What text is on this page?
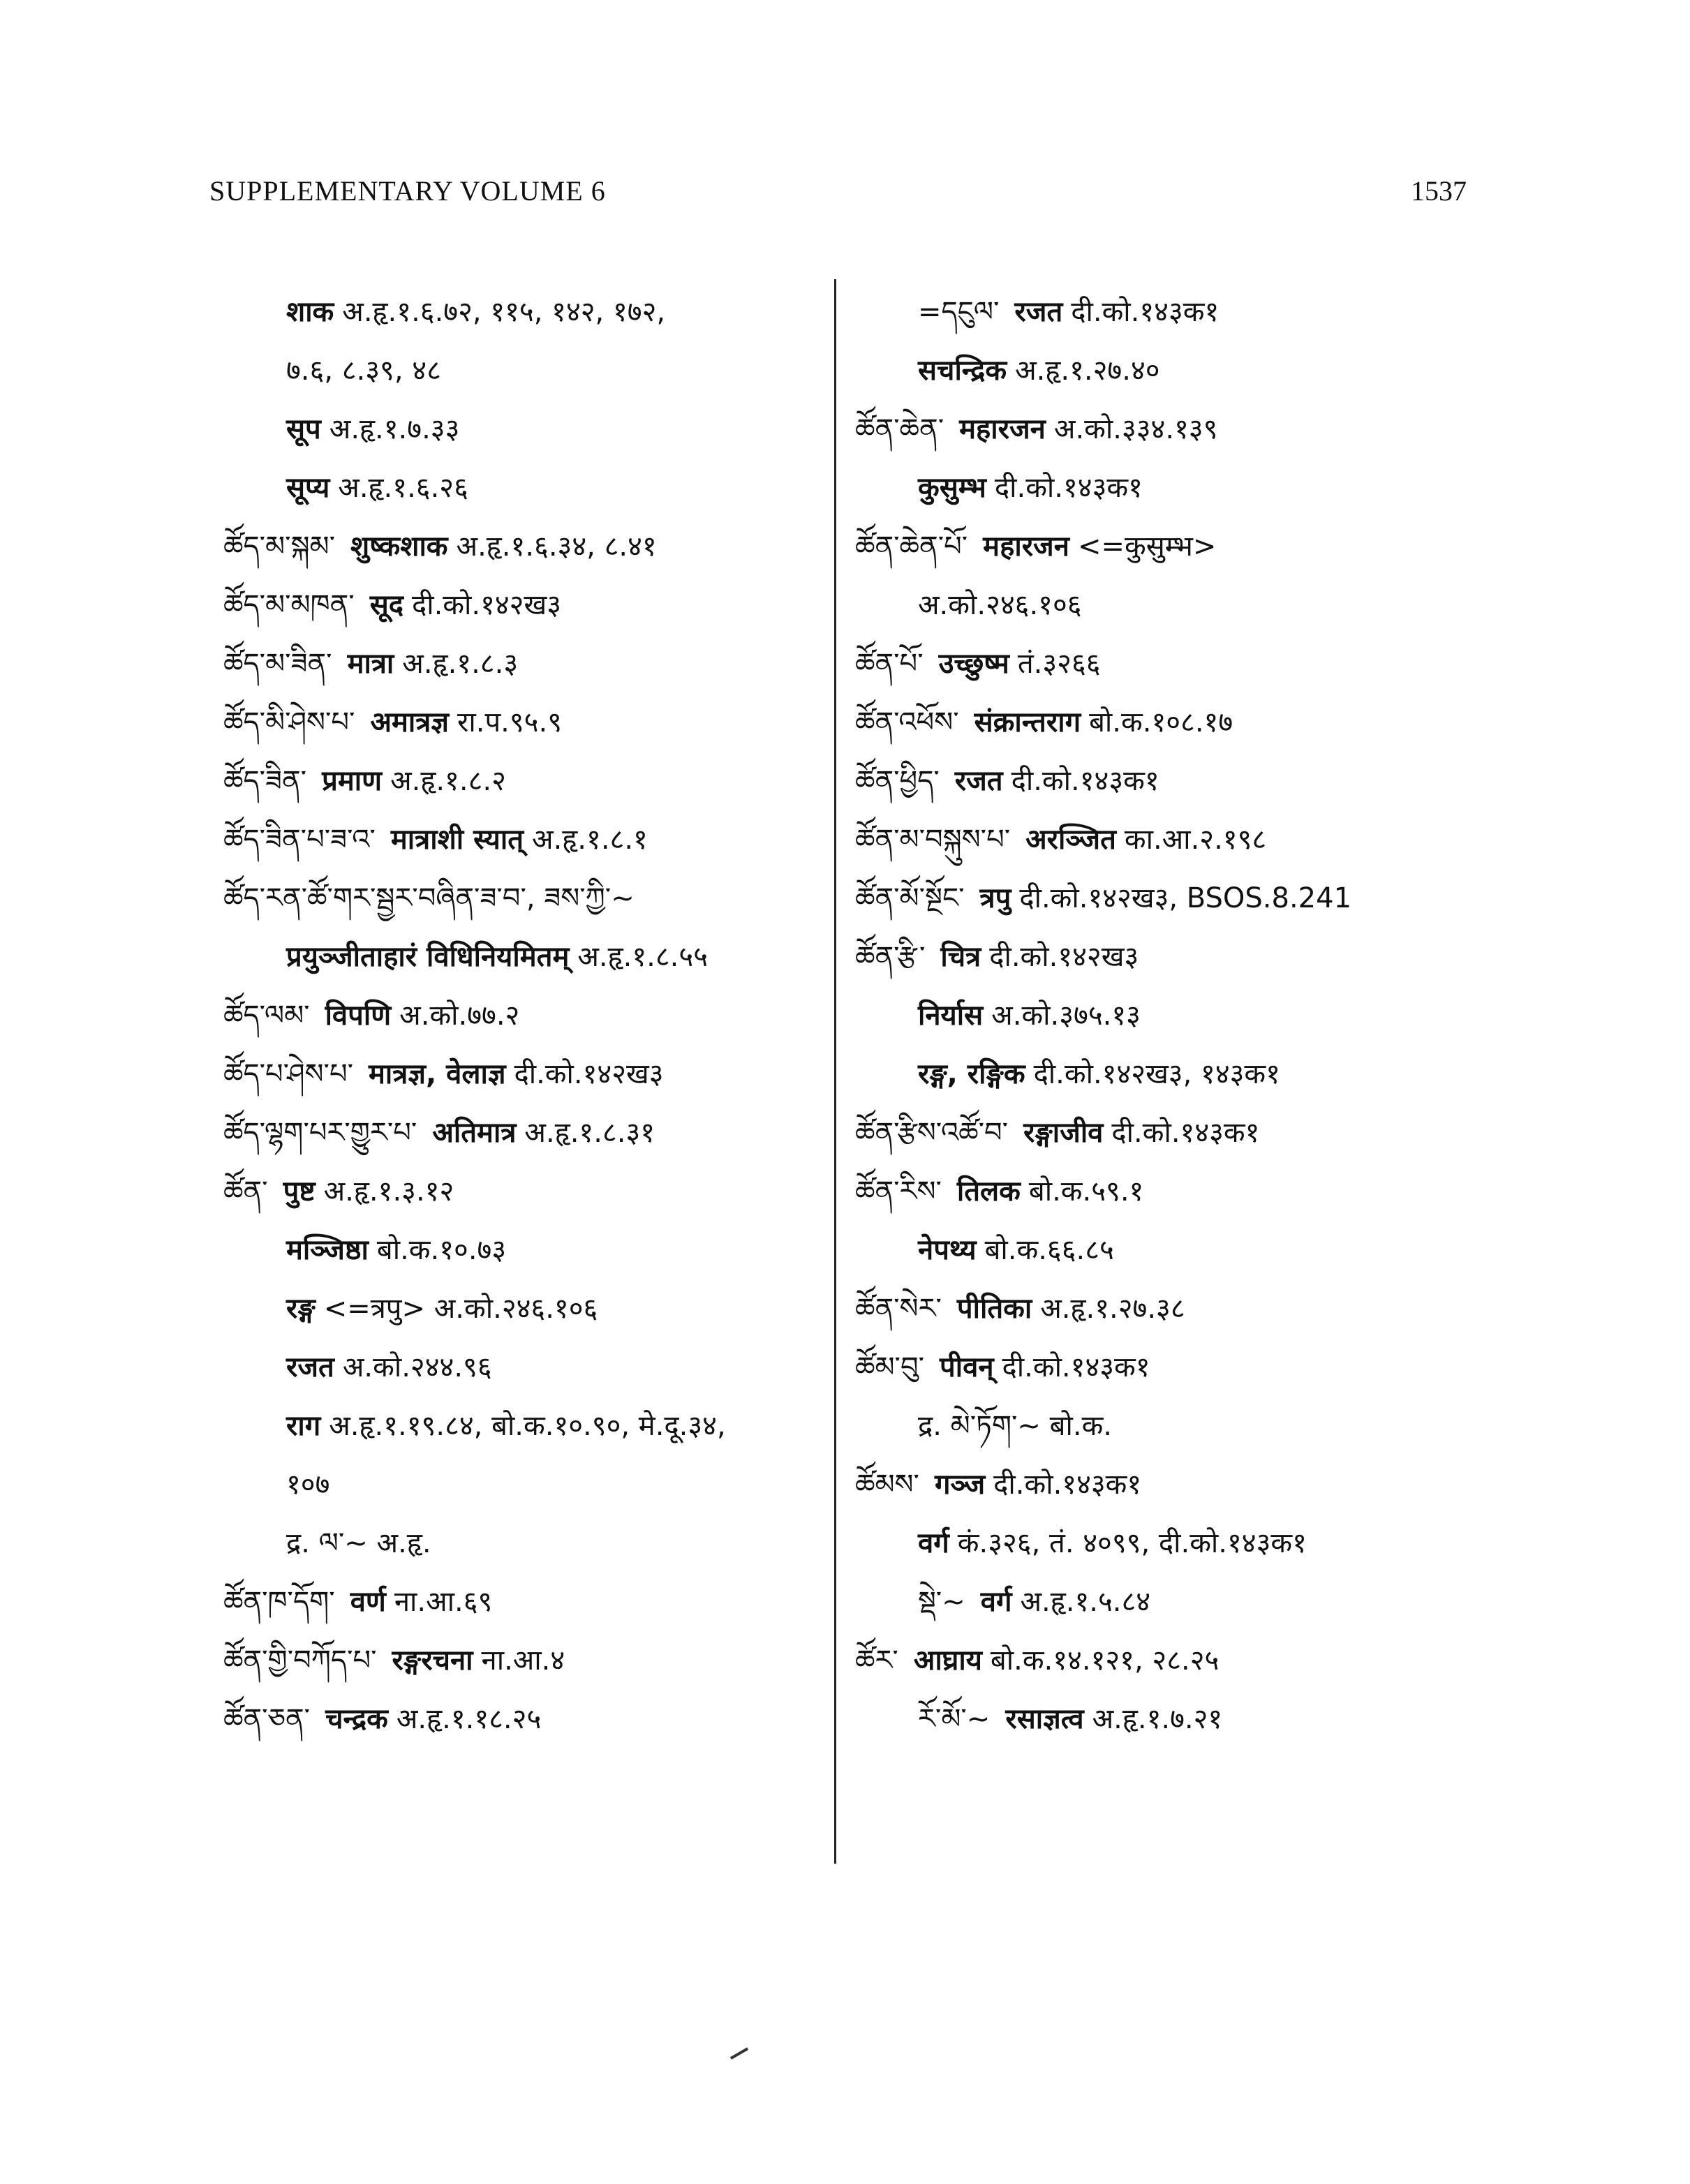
SUPPLEMENTARY VOLUME 6	1537
शाक अ.हृ.१.६.७२, ११५, १४२, १७२,
७.६, ८.३९, ४८
सूप अ.हृ.१.७.३३
सूप्य अ.हृ.१.६.२६
ཚོད་མ་སྐམ་ शुष्कशाक अ.हृ.१.६.३४, ८.४१
ཚོད་མ་མཁན་ सूद दी.को.१४२ख३
ཚོད་མ་ཟིན་ मात्रा अ.हृ.१.८.३
ཚོད་མི་ཤེས་པ་ अमात्रज्ञ रा.प.९५.९
ཚོད་ཟིན་ प्रमाण अ.हृ.१.८.२
ཚོད་ཟིན་པ་ཟ་འ་ मात्राशी स्यात् अ.हृ.१.८.१
ཚོད་རན་ཚོ་གར་སྦྱར་བཞིན་ཟ་བ་, ཟས་ཀྱི་~
प्रयुञ्जीताहारं विधिनियमितम् अ.हृ.१.८.५५
ཚོད་ལམ་ विपणि अ.को.७७.२
ཚོད་པ་ཤེས་པ་ मात्रज्ञ, वेलाज्ञ दी.को.१४२ख३
ཚོད་ལྷག་པར་གྱུར་པ་ अतिमात्र अ.हृ.१.८.३१
ཚོན་ पुष्ट अ.हृ.१.३.१२
मञ्जिष्ठा बो.क.१०.७३
रङ्ग <=त्रपु> अ.को.२४६.१०६
रजत अ.को.२४४.९६
राग अ.हृ.१.१९.८४, बो.क.१०.९०, मे.दू.३४,
१०७
द्र. ལ་~ अ.हृ.
ཚོན་ཁ་དོག་ वर्ण ना.आ.६९
ཚོན་གྱི་བཀོད་པ་ रङ्गरचना ना.आ.४
ཚོན་ཅན་ चन्द्रक अ.हृ.१.१८.२५
=དངུལ་ रजत दी.को.१४३क१
सचन्द्रिक अ.हृ.१.२७.४०
ཚོན་ཆེན་ महारजन अ.को.३३४.१३९
कुसुम्भ दी.को.१४३क१
ཚོན་ཆེན་པོ་ महारजन <=कुसुम्भ>
अ.को.२४६.१०६
ཚོན་པོ་ उच्छुष्म तं.३२६६
ཚོན་འཕོས་ संक्रान्तराग बो.क.१०८.१७
ཚོན་ཕྱིད་ रजत दी.को.१४३क१
ཚོན་མ་བསྐུས་པ་ अरञ्जित का.आ.२.१९८
ཚོན་མོ་སྔོང་ त्रपु दी.को.१४२ख३, BSOS.8.241
ཚོན་རྩི་ चित्र दी.को.१४२ख३
निर्यास अ.को.३७५.१३
रङ्ग, रङ्गिक दी.को.१४२ख३, १४३क१
ཚོན་རྩིས་འཚོ་བ་ रङ्गाजीव दी.को.१४३क१
ཚོན་རིས་ तिलक बो.क.५९.१
नेपथ्य बो.क.६६.८५
ཚོན་སེར་ पीतिका अ.हृ.१.२७.३८
ཚོམ་བུ་ पीवन् दी.को.१४३क१
द्र. མེ་ཏོག་~ बो.क.
ཚོམས་ गञ्ज दी.को.१४३क१
वर्ग कं.३२६, तं. ४०९९, दी.को.१४३क१
སྡེ་~ वर्ग अ.हृ.१.५.८४
ཚོར་ आघ्राय बो.क.१४.१२१, २८.२५
རོ་མོ་~ रसाज्ञत्व अ.हृ.१.७.२१
